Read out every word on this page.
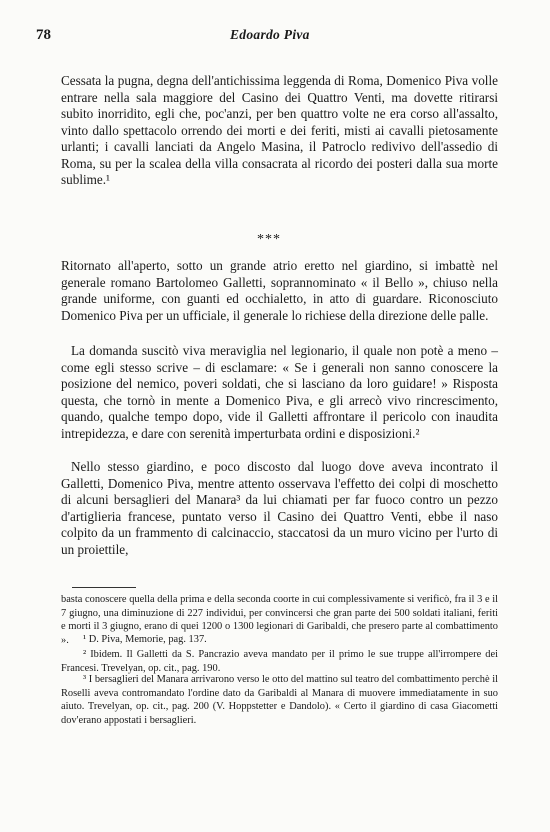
78	Edoardo Piva

Cessata la pugna, degna dell'antichissima leggenda di Roma, Domenico Piva volle entrare nella sala maggiore del Casino dei Quattro Venti, ma dovette ritirarsi subito inorridito, egli che, poc'anzi, per ben quattro volte ne era corso all'assalto, vinto dallo spettacolo orrendo dei morti e dei feriti, misti ai cavalli pietosamente urlanti; i cavalli lanciati da Angelo Masina, il Patroclo redivivo dell'assedio di Roma, su per la scalea della villa consacrata al ricordo dei posteri dalla sua morte sublime.¹

***

Ritornato all'aperto, sotto un grande atrio eretto nel giardino, si imbattè nel generale romano Bartolomeo Galletti, soprannominato « il Bello », chiuso nella grande uniforme, con guanti ed occhialetto, in atto di guardare. Riconosciuto Domenico Piva per un ufficiale, il generale lo richiese della direzione delle palle.

La domanda suscitò viva meraviglia nel legionario, il quale non potè a meno – come egli stesso scrive – di esclamare: « Se i generali non sanno conoscere la posizione del nemico, poveri soldati, che si lasciano da loro guidare! » Risposta questa, che tornò in mente a Domenico Piva, e gli arrecò vivo rincrescimento, quando, qualche tempo dopo, vide il Galletti affrontare il pericolo con inaudita intrepidezza, e dare con serenità imperturbata ordini e disposizioni.²

Nello stesso giardino, e poco discosto dal luogo dove aveva incontrato il Galletti, Domenico Piva, mentre attento osservava l'effetto dei colpi di moschetto di alcuni bersaglieri del Manara³ da lui chiamati per far fuoco contro un pezzo d'artiglieria francese, puntato verso il Casino dei Quattro Venti, ebbe il naso colpito da un frammento di calcinaccio, staccatosi da un muro vicino per l'urto di un proiettile,

basta conoscere quella della prima e della seconda coorte in cui complessivamente si verificò, fra il 3 e il 7 giugno, una diminuzione di 227 individui, per convincersi che gran parte dei 500 soldati italiani, feriti e morti il 3 giugno, erano di quei 1200 o 1300 legionari di Garibaldi, che presero parte al combattimento ».	¹ D. Piva, Memorie, pag. 137.

² Ibidem. Il Galletti da S. Pancrazio aveva mandato per il primo le sue truppe all'irrompere dei Francesi. Trevelyan, op. cit., pag. 190.

³ I bersaglieri del Manara arrivarono verso le otto del mattino sul teatro del combattimento perchè il Roselli aveva contromandato l'ordine dato da Garibaldi al Manara di muovere immediatamente in suo aiuto. Trevelyan, op. cit., pag. 200 (V. Hoppstetter e Dandolo). « Certo il giardino di casa Giacometti dov'erano appostati i bersaglieri.
